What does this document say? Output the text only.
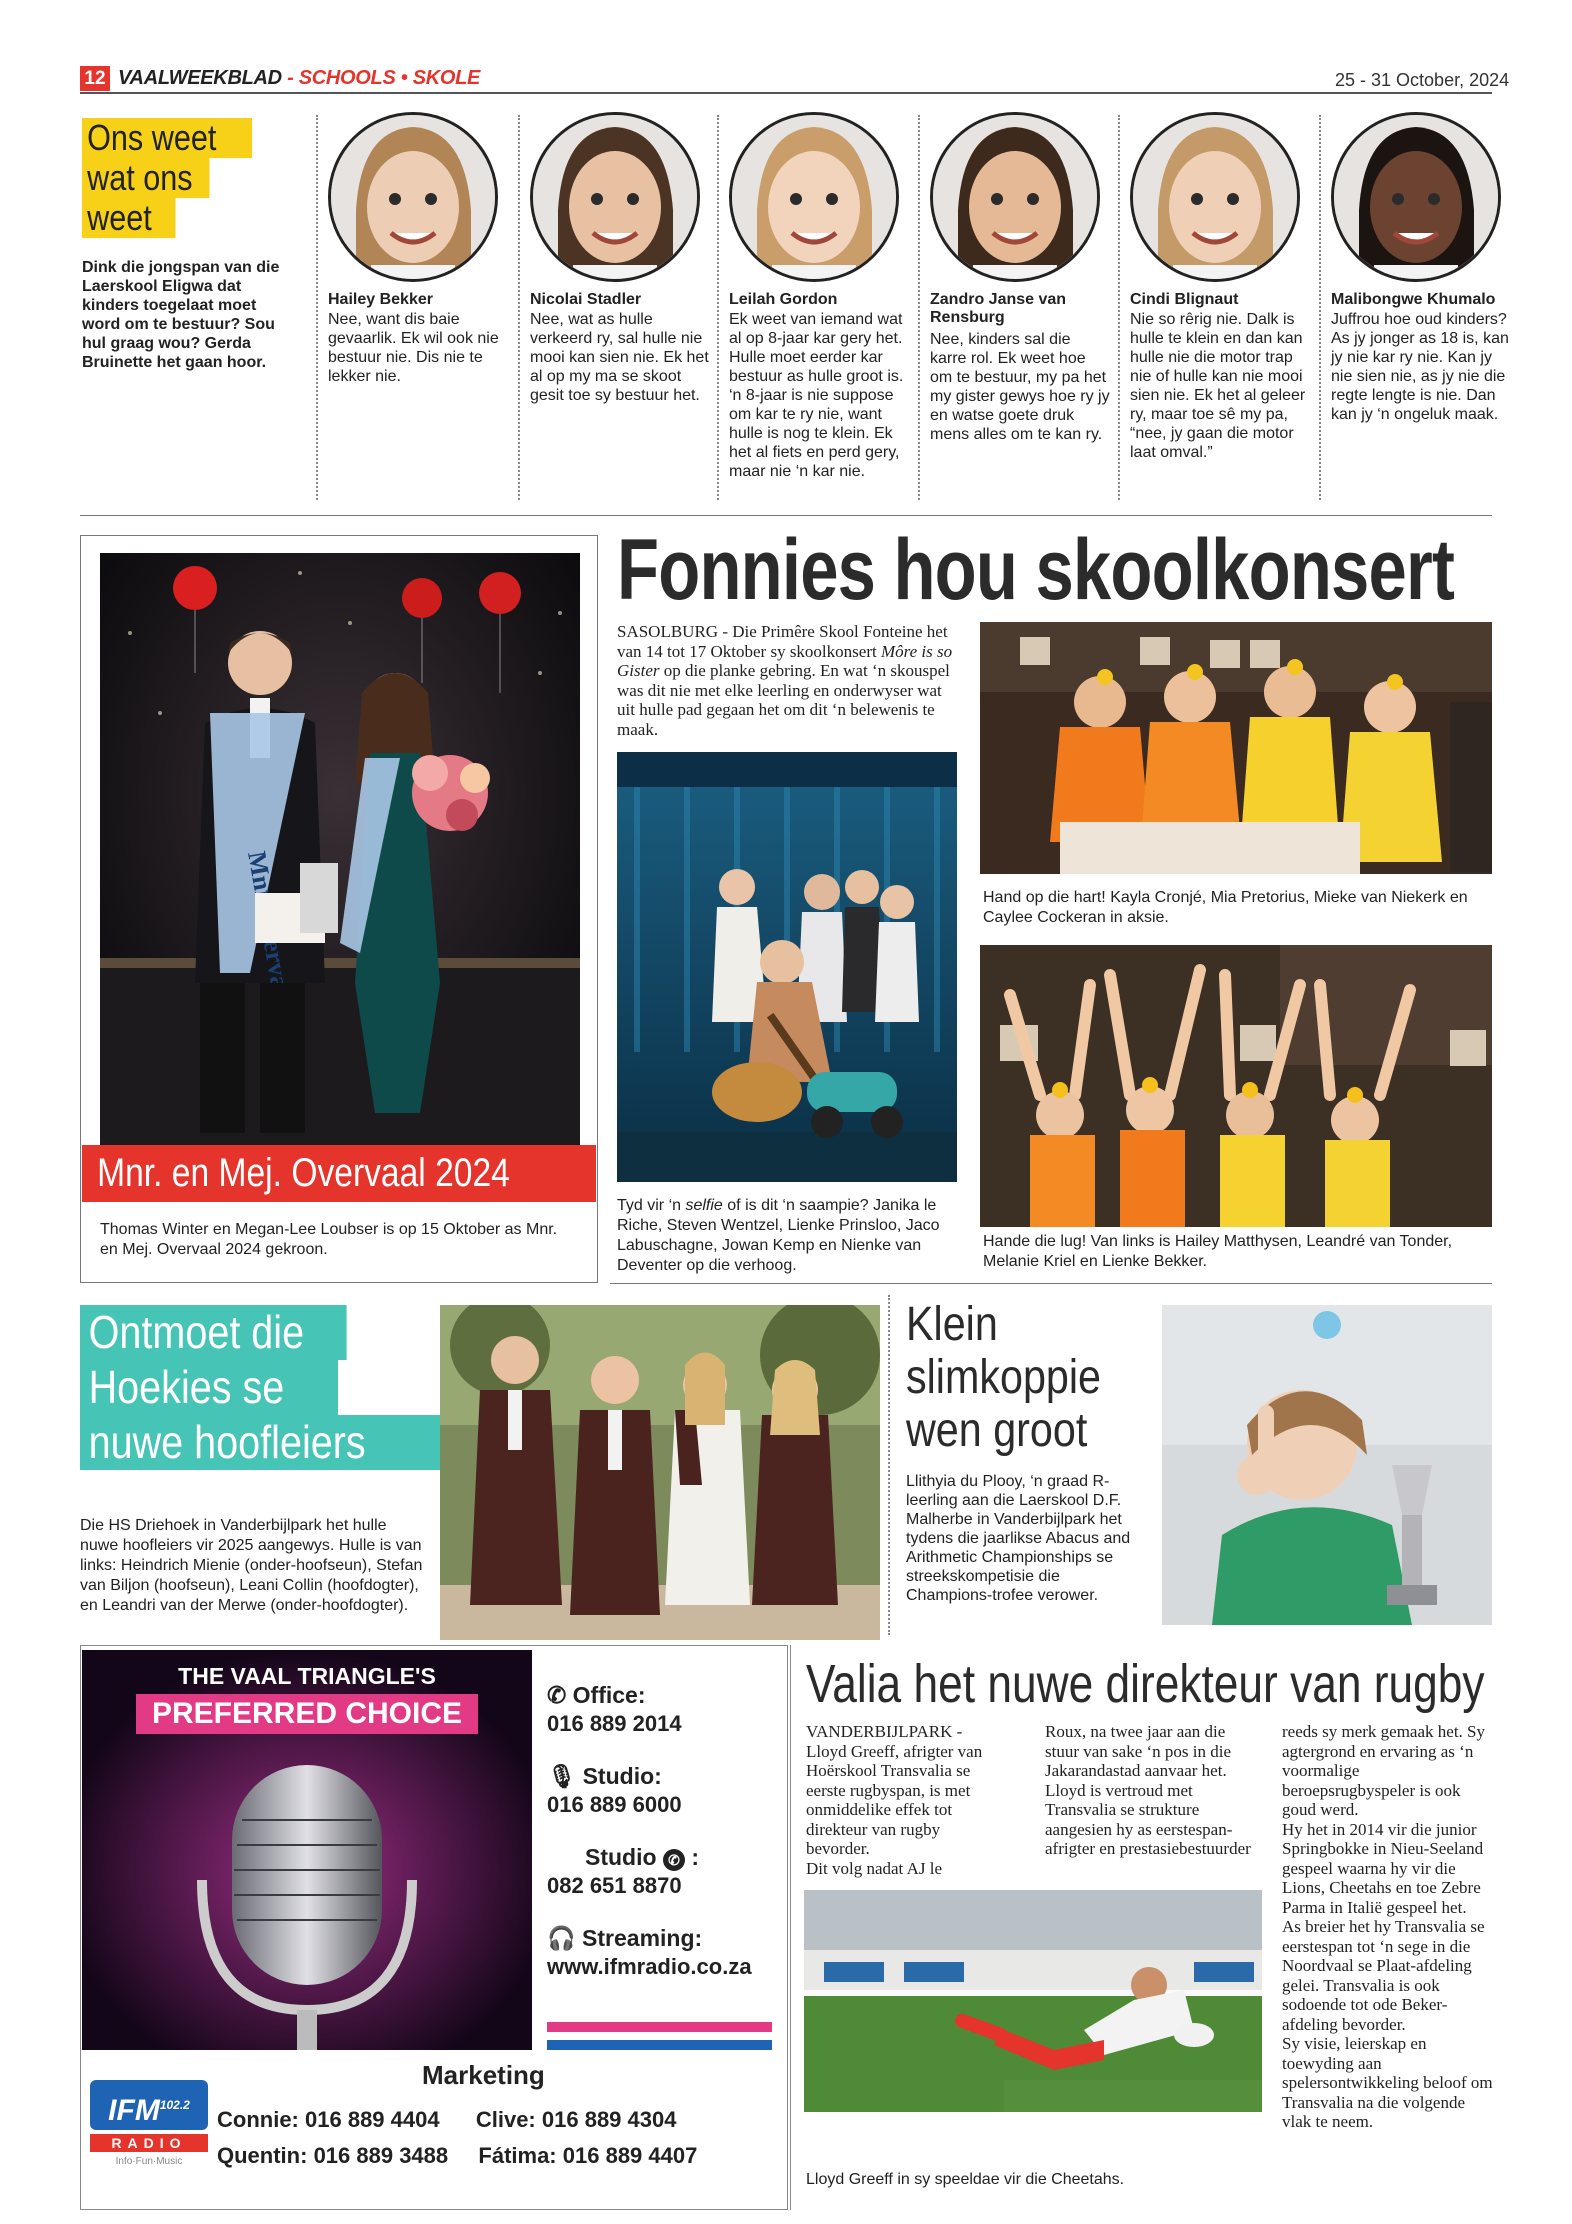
12 VAALWEEKBLAD - SCHOOLS • SKOLE	25 - 31 October, 2024
Ons weet
wat ons
weet
Dink die jongspan van die Laerskool Eligwa dat kinders toegelaat moet word om te bestuur? Sou hul graag wou? Gerda Bruinette het gaan hoor.
Hailey Bekker
Nee, want dis baie gevaarlik. Ek wil ook nie bestuur nie. Dis nie te lekker nie.
Nicolai Stadler
Nee, wat as hulle verkeerd ry, sal hulle nie mooi kan sien nie. Ek het al op my ma se skoot gesit toe sy bestuur het.
Leilah Gordon
Ek weet van iemand wat al op 8-jaar kar gery het. Hulle moet eerder kar bestuur as hulle groot is. ‘n 8-jaar is nie suppose om kar te ry nie, want hulle is nog te klein. Ek het al fiets en perd gery, maar nie ‘n kar nie.
Zandro Janse van Rensburg
Nee, kinders sal die karre rol. Ek weet hoe om te bestuur, my pa het my gister gewys hoe ry jy en watse goete druk mens alles om te kan ry.
Cindi Blignaut
Nie so rêrig nie. Dalk is hulle te klein en dan kan hulle nie die motor trap nie of hulle kan nie mooi sien nie. Ek het al geleer ry, maar toe sê my pa, “nee, jy gaan die motor laat omval.”
Malibongwe Khumalo
Juffrou hoe oud kinders? As jy jonger as 18 is, kan jy nie kar ry nie. Kan jy nie sien nie, as jy nie die regte lengte is nie. Dan kan jy ‘n ongeluk maak.
Mnr Overvaal
Mnr. en Mej. Overvaal 2024
Thomas Winter en Megan-Lee Loubser is op 15 Oktober as Mnr. en Mej. Overvaal 2024 gekroon.
Fonnies hou skoolkonsert
SASOLBURG - Die Primêre Skool Fonteine het van 14 tot 17 Oktober sy skoolkonsert Môre is so Gister op die planke gebring. En wat ‘n skouspel was dit nie met elke leerling en onderwyser wat uit hulle pad gegaan het om dit ‘n belewenis te maak.
Tyd vir ‘n selfie of is dit ‘n saampie? Janika le Riche, Steven Wentzel, Lienke Prinsloo, Jaco Labuschagne, Jowan Kemp en Nienke van Deventer op die verhoog.
Hand op die hart! Kayla Cronjé, Mia Pretorius, Mieke van Niekerk en Caylee Cockeran in aksie.
Hande die lug! Van links is Hailey Matthysen, Leandré van Tonder, Melanie Kriel en Lienke Bekker.
Ontmoet die
Hoekies se
nuwe hoofleiers
Die HS Driehoek in Vanderbijlpark het hulle nuwe hoofleiers vir 2025 aangewys. Hulle is van links: Heindrich Mienie (onder-hoofseun), Stefan van Biljon (hoofseun), Leani Collin (hoofdogter), en Leandri van der Merwe (onder-hoofdogter).
Klein
slimkoppie
wen groot
Llithyia du Plooy, ‘n graad R-leerling aan die Laerskool D.F. Malherbe in Vanderbijlpark het tydens die jaarlikse Abacus and Arithmetic Championships se streekskompetisie die Champions-trofee verower.
THE VAAL TRIANGLE'S
PREFERRED CHOICE
✆ Office:
016 889 2014
🎙 Studio:
016 889 6000
Studio ✆ :
082 651 8870
🎧 Streaming:
www.ifmradio.co.za
Marketing
Connie: 016 889 4404 Clive: 016 889 4304
Quentin: 016 889 3488 Fátima: 016 889 4407
$IFM^{102.2}$
RADIO
Info·Fun·Music
Valia het nuwe direkteur van rugby
VANDERBIJLPARK - Lloyd Greeff, afrigter van Hoërskool Transvalia se eerste rugbyspan, is met onmiddelike effek tot direkteur van rugby bevorder.
Dit volg nadat AJ le
Roux, na twee jaar aan die stuur van sake ‘n pos in die Jakarandastad aanvaar het.
Lloyd is vertroud met Transvalia se strukture aangesien hy as eerstespan-afrigter en prestasiebestuurder
reeds sy merk gemaak het. Sy agtergrond en ervaring as ‘n voormalige beroepsrugbyspeler is ook goud werd.
Hy het in 2014 vir die junior Springbokke in Nieu-Seeland gespeel waarna hy vir die Lions, Cheetahs en toe Zebre Parma in Italië gespeel het.
As breier het hy Transvalia se eerstespan tot ‘n sege in die Noordvaal se Plaat-afdeling gelei. Transvalia is ook sodoende tot ode Beker-afdeling bevorder.
Sy visie, leierskap en toewyding aan spelersontwikkeling beloof om Transvalia na die volgende vlak te neem.
Lloyd Greeff in sy speeldae vir die Cheetahs.
